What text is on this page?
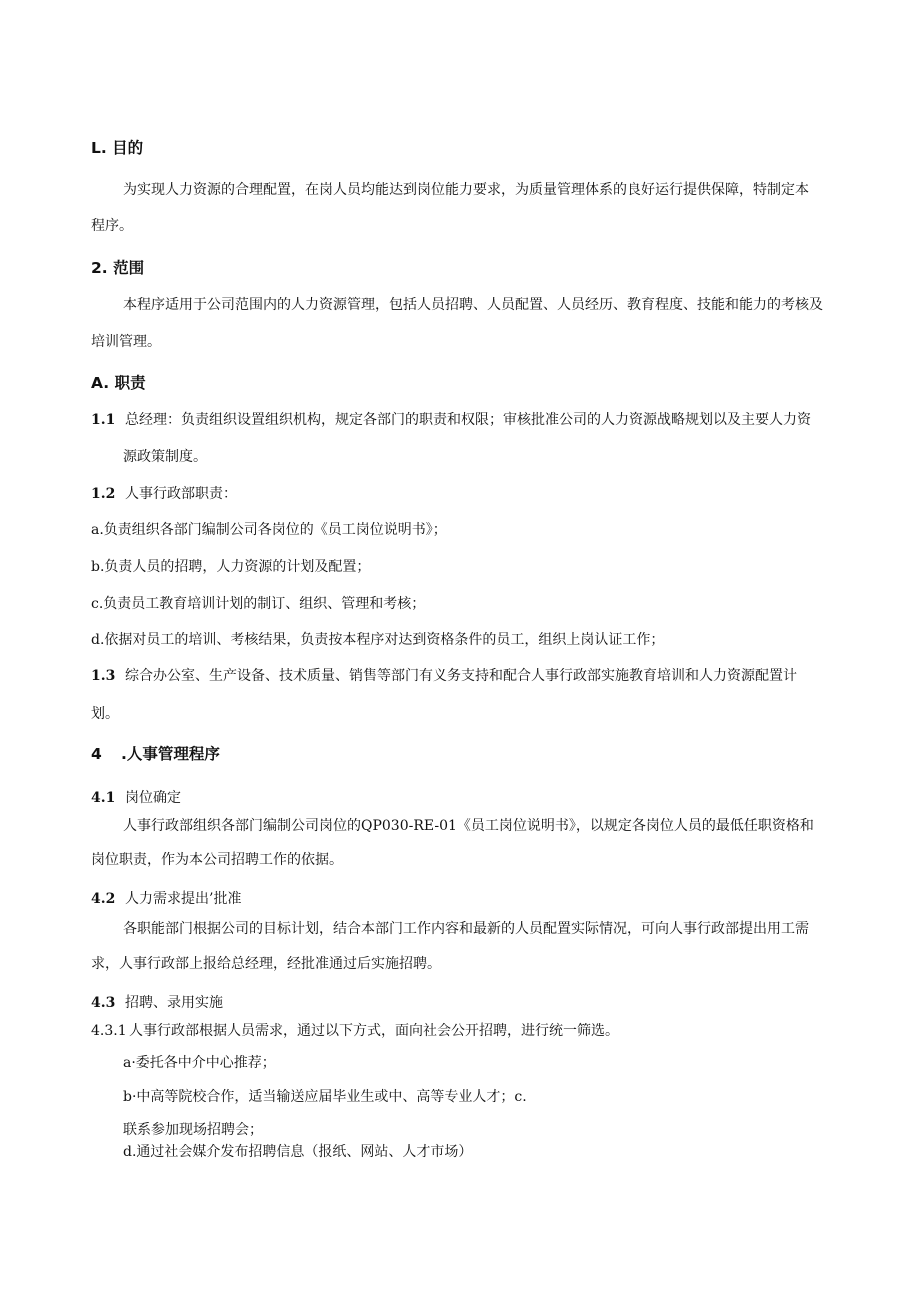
L. 目的
为实现人力资源的合理配置，在岗人员均能达到岗位能力要求，为质量管理体系的良好运行提供保障，特制定本
程序。
2. 范围
本程序适用于公司范围内的人力资源管理，包括人员招聘、人员配置、人员经历、教育程度、技能和能力的考核及
培训管理。
A. 职责
1.1 总经理：负责组织设置组织机构，规定各部门的职责和权限；审核批准公司的人力资源战略规划以及主要人力资
源政策制度。
1.2 人事行政部职责：
a.负责组织各部门编制公司各岗位的《员工岗位说明书》；
b.负责人员的招聘，人力资源的计划及配置；
c.负责员工教育培训计划的制订、组织、管理和考核；
d.依据对员工的培训、考核结果，负责按本程序对达到资格条件的员工，组织上岗认证工作；
1.3 综合办公室、生产设备、技术质量、销售等部门有义务支持和配合人事行政部实施教育培训和人力资源配置计
划。
4 .人事管理程序
4.1 岗位确定
人事行政部组织各部门编制公司岗位的QP030-RE-01《员工岗位说明书》，以规定各岗位人员的最低任职资格和
岗位职责，作为本公司招聘工作的依据。
4.2 人力需求提出’批准
各职能部门根据公司的目标计划，结合本部门工作内容和最新的人员配置实际情况，可向人事行政部提出用工需
求，人事行政部上报给总经理，经批准通过后实施招聘。
4.3 招聘、录用实施
4.3.1 人事行政部根据人员需求，通过以下方式，面向社会公开招聘，进行统一筛选。
a·委托各中介中心推荐；
b·中高等院校合作，适当输送应届毕业生或中、高等专业人才；c.
联系参加现场招聘会；
d.通过社会媒介发布招聘信息（报纸、网站、人才市场）
